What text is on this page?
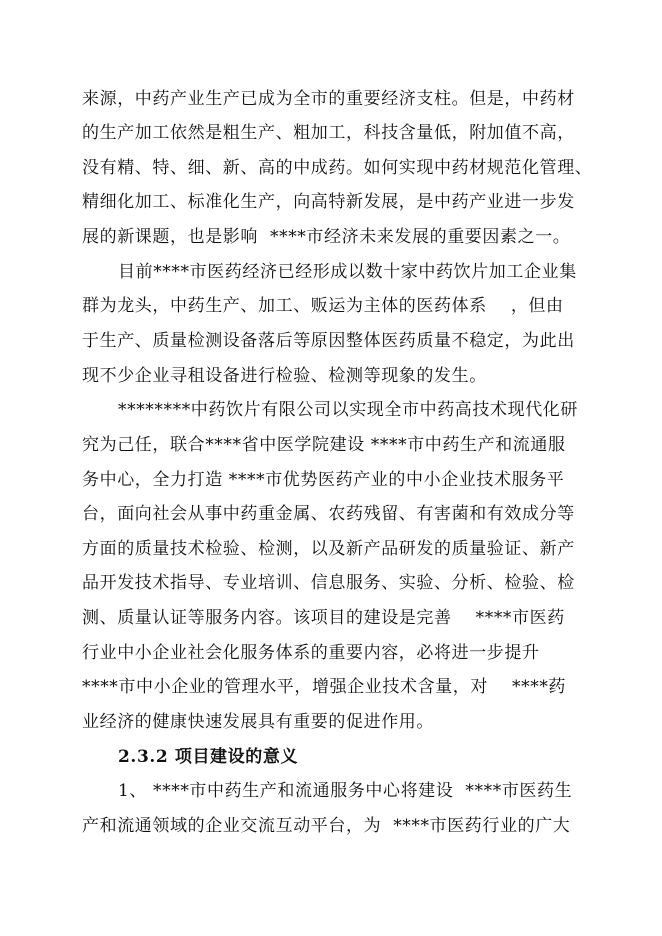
来源，中药产业生产已成为全市的重要经济支柱。但是，中药材
的生产加工依然是粗生产、粗加工，科技含量低，附加值不高，
没有精、特、细、新、高的中成药。如何实现中药材规范化管理、
精细化加工、标准化生产，向高特新发展，是中药产业进一步发
展的新课题，也是影响  ****市经济未来发展的重要因素之一。
目前****市医药经济已经形成以数十家中药饮片加工企业集
群为龙头，中药生产、加工、贩运为主体的医药体系    ，但由
于生产、质量检测设备落后等原因整体医药质量不稳定，为此出
现不少企业寻租设备进行检验、检测等现象的发生。
********中药饮片有限公司以实现全市中药高技术现代化研
究为己任，联合****省中医学院建设 ****市中药生产和流通服
务中心，全力打造 ****市优势医药产业的中小企业技术服务平
台，面向社会从事中药重金属、农药残留、有害菌和有效成分等
方面的质量技术检验、检测，以及新产品研发的质量验证、新产
品开发技术指导、专业培训、信息服务、实验、分析、检验、检
测、质量认证等服务内容。该项目的建设是完善    ****市医药
行业中小企业社会化服务体系的重要内容，必将进一步提升
****市中小企业的管理水平，增强企业技术含量，对    ****药
业经济的健康快速发展具有重要的促进作用。
2.3.2 项目建设的意义
1、 ****市中药生产和流通服务中心将建设  ****市医药生
产和流通领域的企业交流互动平台，为  ****市医药行业的广大
